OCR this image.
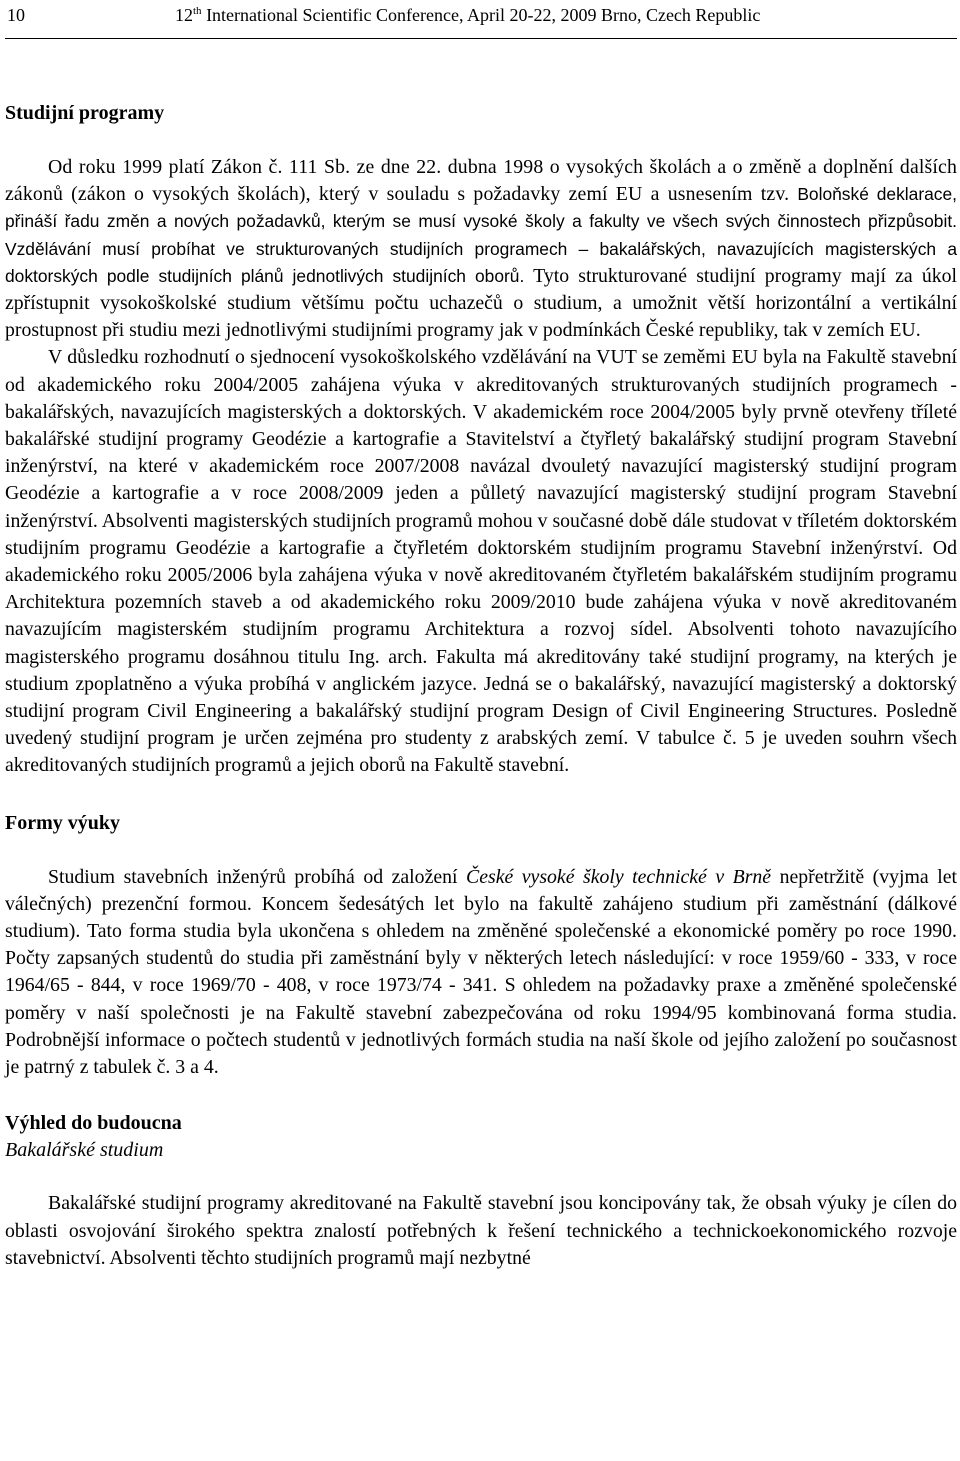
10	12th International Scientific Conference, April 20-22, 2009 Brno, Czech Republic
Studijní programy

Od roku 1999 platí Zákon č. 111 Sb. ze dne 22. dubna 1998 o vysokých školách a o změně a doplnění dalších zákonů (zákon o vysokých školách), který v souladu s požadavky zemí EU a usnesením tzv. Boloňské deklarace, přináší řadu změn a nových požadavků, kterým se musí vysoké školy a fakulty ve všech svých činnostech přizpůsobit. Vzdělávání musí probíhat ve strukturovaných studijních programech – bakalářských, navazujících magisterských a doktorských podle studijních plánů jednotlivých studijních oborů. Tyto strukturované studijní programy mají za úkol zpřístupnit vysokoškolské studium většímu počtu uchazečů o studium, a umožnit větší horizontální a vertikální prostupnost při studiu mezi jednotlivými studijními programy jak v podmínkách České republiky, tak v zemích EU.

V důsledku rozhodnutí o sjednocení vysokoškolského vzdělávání na VUT se zeměmi EU byla na Fakultě stavební od akademického roku 2004/2005 zahájena výuka v akreditovaných strukturovaných studijních programech - bakalářských, navazujících magisterských a doktorských. V akademickém roce 2004/2005 byly prvně otevřeny tříleté bakalářské studijní programy Geodézie a kartografie a Stavitelství a čtyřletý bakalářský studijní program Stavební inženýrství, na které v akademickém roce 2007/2008 navázal dvouletý navazující magisterský studijní program Geodézie a kartografie a v roce 2008/2009 jeden a půlletý navazující magisterský studijní program Stavební inženýrství. Absolventi magisterských studijních programů mohou v současné době dále studovat v tříletém doktorském studijním programu Geodézie a kartografie a čtyřletém doktorském studijním programu Stavební inženýrství. Od akademického roku 2005/2006 byla zahájena výuka v nově akreditovaném čtyřletém bakalářském studijním programu Architektura pozemních staveb a od akademického roku 2009/2010 bude zahájena výuka v nově akreditovaném navazujícím magisterském studijním programu Architektura a rozvoj sídel. Absolventi tohoto navazujícího magisterského programu dosáhnou titulu Ing. arch. Fakulta má akreditovány také studijní programy, na kterých je studium zpoplatněno a výuka probíhá v anglickém jazyce. Jedná se o bakalářský, navazující magisterský a doktorský studijní program Civil Engineering a bakalářský studijní program Design of Civil Engineering Structures. Posledně uvedený studijní program je určen zejména pro studenty z arabských zemí. V tabulce č. 5 je uveden souhrn všech akreditovaných studijních programů a jejich oborů na Fakultě stavební.

Formy výuky

Studium stavebních inženýrů probíhá od založení České vysoké školy technické v Brně nepřetržitě (vyjma let válečných) prezenční formou. Koncem šedesátých let bylo na fakultě zahájeno studium při zaměstnání (dálkové studium). Tato forma studia byla ukončena s ohledem na změněné společenské a ekonomické poměry po roce 1990. Počty zapsaných studentů do studia při zaměstnání byly v některých letech následující: v roce 1959/60 - 333, v roce 1964/65 - 844, v roce 1969/70 - 408, v roce 1973/74 - 341. S ohledem na požadavky praxe a změněné společenské poměry v naší společnosti je na Fakultě stavební zabezpečována od roku 1994/95 kombinovaná forma studia. Podrobnější informace o počtech studentů v jednotlivých formách studia na naší škole od jejího založení po současnost je patrný z tabulek č. 3 a 4.

Výhled do budoucna
Bakalářské studium

Bakalářské studijní programy akreditované na Fakultě stavební jsou koncipovány tak, že obsah výuky je cílen do oblasti osvojování širokého spektra znalostí potřebných k řešení technického a technickoekonomického rozvoje stavebnictví. Absolventi těchto studijních programů mají nezbytné
